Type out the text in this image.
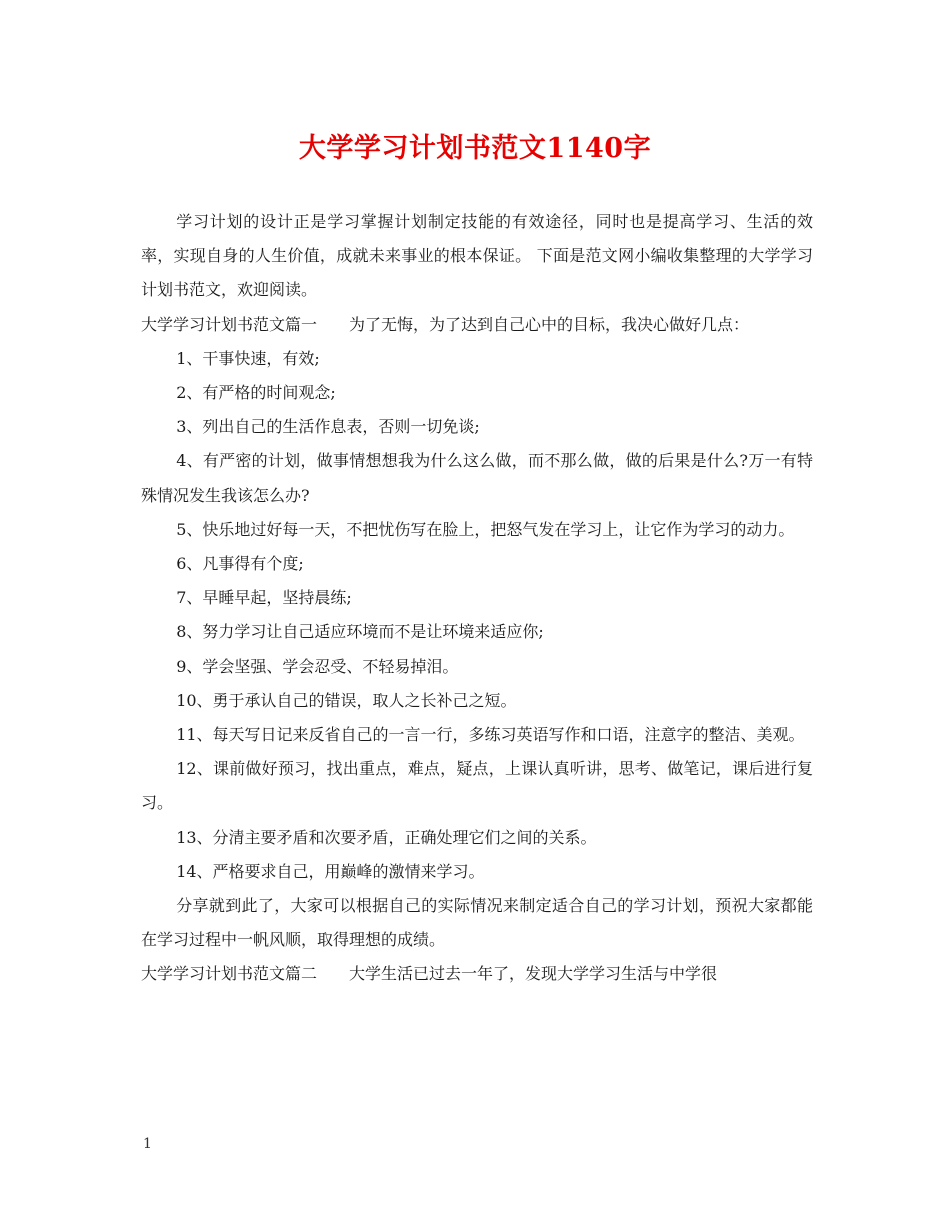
大学学习计划书范文1140字

学习计划的设计正是学习掌握计划制定技能的有效途径，同时也是提高学习、生活的效率，实现自身的人生价值，成就未来事业的根本保证。 下面是范文网小编收集整理的大学学习计划书范文，欢迎阅读。

大学学习计划书范文篇一　　为了无悔，为了达到自己心中的目标，我决心做好几点：

1、干事快速，有效;

2、有严格的时间观念;

3、列出自己的生活作息表，否则一切免谈;

4、有严密的计划，做事情想想我为什么这么做，而不那么做，做的后果是什么?万一有特殊情况发生我该怎么办?

5、快乐地过好每一天，不把忧伤写在脸上，把怒气发在学习上，让它作为学习的动力。

6、凡事得有个度;

7、早睡早起，坚持晨练;

8、努力学习让自己适应环境而不是让环境来适应你;

9、学会坚强、学会忍受、不轻易掉泪。

10、勇于承认自己的错误，取人之长补己之短。

11、每天写日记来反省自己的一言一行，多练习英语写作和口语，注意字的整洁、美观。

12、课前做好预习，找出重点，难点，疑点，上课认真听讲，思考、做笔记，课后进行复习。

13、分清主要矛盾和次要矛盾，正确处理它们之间的关系。

14、严格要求自己，用巅峰的激情来学习。

分享就到此了，大家可以根据自己的实际情况来制定适合自己的学习计划，预祝大家都能在学习过程中一帆风顺，取得理想的成绩。

大学学习计划书范文篇二　　大学生活已过去一年了，发现大学学习生活与中学很

1
